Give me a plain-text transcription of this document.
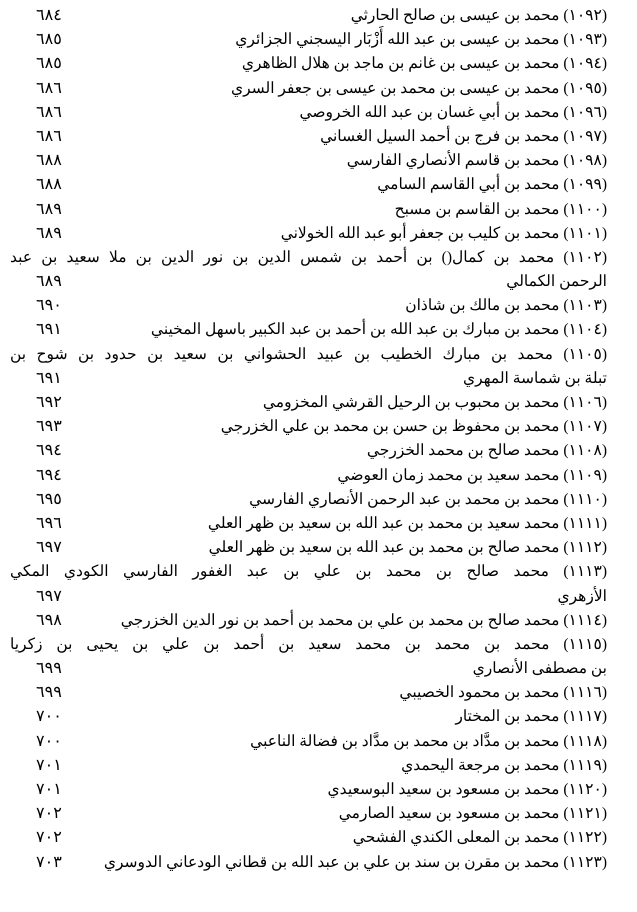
(١٠٩٢) محمد بن عيسى بن صالح الحارثي
٦٨٤
(١٠٩٣) محمد بن عيسى بن عبد الله أَزْبَار اليسجني الجزائري
٦٨٥
(١٠٩٤) محمد بن عيسى بن غانم بن ماجد بن هلال الظاهري
٦٨٥
(١٠٩٥) محمد بن عيسى بن محمد بن عيسى بن جعفر السري
٦٨٦
(١٠٩٦) محمد بن أبي غسان بن عبد الله الخروصي
٦٨٦
(١٠٩٧) محمد بن فرج بن أحمد السيل الغساني
٦٨٦
(١٠٩٨) محمد بن قاسم الأنصاري الفارسي
٦٨٨
(١٠٩٩) محمد بن أبي القاسم السامي
٦٨٨
(١١٠٠) محمد بن القاسم بن مسبح
٦٨٩
(١١٠١) محمد بن كليب بن جعفر أبو عبد الله الخولاني
٦٨٩
(١١٠٢) محمد بن كمال() بن أحمد بن شمس الدين بن نور الدين بن ملا سعيد بن عبد
الرحمن الكمالي
٦٨٩
(١١٠٣) محمد بن مالك بن شاذان
٦٩٠
(١١٠٤) محمد بن مبارك بن عبد الله بن أحمد بن عبد الكبير باسهل المخيني
٦٩١
(١١٠٥) محمد بن مبارك الخطيب بن عبيد الحشواني بن سعيد بن حدود بن شوح بن
تبلة بن شماسة المهري
٦٩١
(١١٠٦) محمد بن محبوب بن الرحيل القرشي المخزومي
٦٩٢
(١١٠٧) محمد بن محفوظ بن حسن بن محمد بن علي الخزرجي
٦٩٣
(١١٠٨) محمد صالح بن محمد الخزرجي
٦٩٤
(١١٠٩) محمد سعيد بن محمد زمان العوضي
٦٩٤
(١١١٠) محمد بن محمد بن عبد الرحمن الأنصاري الفارسي
٦٩٥
(١١١١) محمد سعيد بن محمد بن عبد الله بن سعيد بن ظهر العلي
٦٩٦
(١١١٢) محمد صالح بن محمد بن عبد الله بن سعيد بن ظهر العلي
٦٩٧
(١١١٣) محمد صالح بن محمد بن علي بن عبد الغفور الفارسي الكودي المكي
الأزهري
٦٩٧
(١١١٤) محمد صالح بن محمد بن علي بن محمد بن أحمد بن نور الدين الخزرجي
٦٩٨
(١١١٥) محمد بن محمد بن محمد سعيد بن أحمد بن علي بن يحيى بن زكريا
بن مصطفى الأنصاري
٦٩٩
(١١١٦) محمد بن محمود الخصيبي
٦٩٩
(١١١٧) محمد بن المختار
٧٠٠
(١١١٨) محمد بن مدَّاد بن محمد بن مدَّاد بن فضالة الناعبي
٧٠٠
(١١١٩) محمد بن مرجعة اليحمدي
٧٠١
(١١٢٠) محمد بن مسعود بن سعيد البوسعيدي
٧٠١
(١١٢١) محمد بن مسعود بن سعيد الصارمي
٧٠٢
(١١٢٢) محمد بن المعلى الكندي الفشحي
٧٠٢
(١١٢٣) محمد بن مقرن بن سند بن علي بن عبد الله بن قطاني الودعاني الدوسري
٧٠٣
